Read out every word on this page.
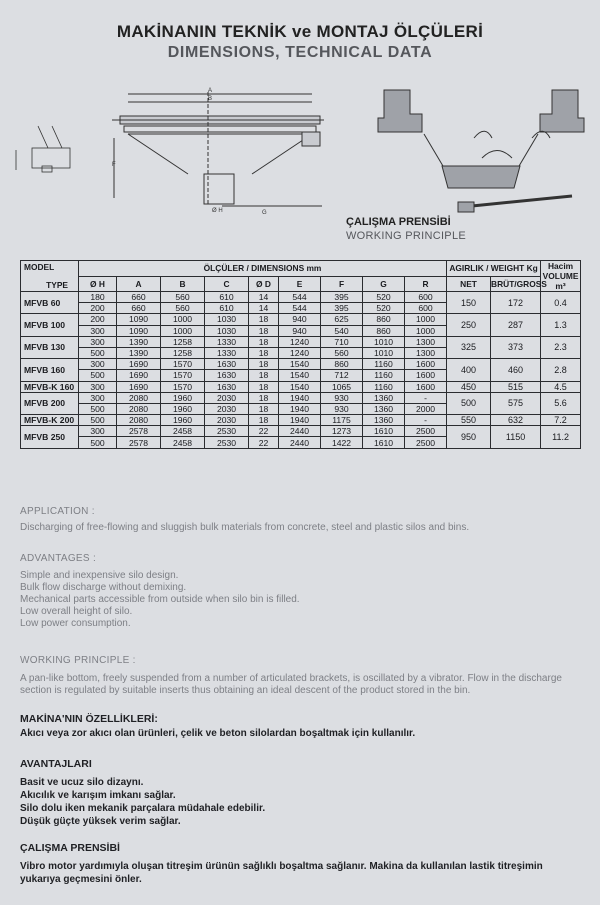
MAKİNANIN TEKNİK ve MONTAJ ÖLÇÜLERİ
DIMENSIONS, TECHNICAL DATA
A
B
F
G
Ø H
ÇALIŞMA PRENSİBİ
WORKING PRINCIPLE
MODEL
TYPE	ÖLÇÜLER / DIMENSIONS mm									AGIRLIK / WEIGHT Kg		Hacim VOLUME
m³
	Ø H	A	B	C	Ø D	E	F	G	R	NET	BRÜT/GROSS	
MFVB 60	180	660	560	610	14	544	395	520	600	150	172	0.4
	200	660	560	610	14	544	395	520	600			
MFVB 100	200	1090	1000	1030	18	940	625	860	1000	250	287	1.3
	300	1090	1000	1030	18	940	540	860	1000			
MFVB 130	300	1390	1258	1330	18	1240	710	1010	1300	325	373	2.3
	500	1390	1258	1330	18	1240	560	1010	1300			
MFVB 160	300	1690	1570	1630	18	1540	860	1160	1600	400	460	2.8
	500	1690	1570	1630	18	1540	712	1160	1600			
MFVB-K 160	300	1690	1570	1630	18	1540	1065	1160	1600	450	515	4.5
MFVB 200	300	2080	1960	2030	18	1940	930	1360	-	500	575	5.6
	500	2080	1960	2030	18	1940	930	1360	2000			
MFVB-K 200	500	2080	1960	2030	18	1940	1175	1360	-	550	632	7.2
MFVB 250	300	2578	2458	2530	22	2440	1273	1610	2500	950	1150	11.2
	500	2578	2458	2530	22	2440	1422	1610	2500			
APPLICATION :
Discharging of free-flowing and sluggish bulk materials from concrete, steel and plastic silos and bins.
ADVANTAGES :
Simple and inexpensive silo design.
Bulk flow discharge without demixing.
Mechanical parts accessible from outside when silo bin is filled.
Low overall height of silo.
Low power consumption.
WORKING PRINCIPLE :
A pan-like bottom, freely suspended from a number of articulated brackets, is oscillated by a vibrator. Flow in the discharge section is regulated by suitable inserts thus obtaining an ideal descent of the product stored in the bin.
MAKİNA'NIN ÖZELLİKLERİ:
Akıcı veya zor akıcı olan ürünleri, çelik ve beton silolardan boşaltmak için kullanılır.
AVANTAJLARI
Basit ve ucuz silo dizaynı.
Akıcılık ve karışım imkanı sağlar.
Silo dolu iken mekanik parçalara müdahale edebilir.
Düşük güçte yüksek verim sağlar.
ÇALIŞMA PRENSİBİ
Vibro motor yardımıyla oluşan titreşim ürünün sağlıklı boşaltma sağlanır. Makina da kullanılan lastik titreşimin yukarıya geçmesini önler.
